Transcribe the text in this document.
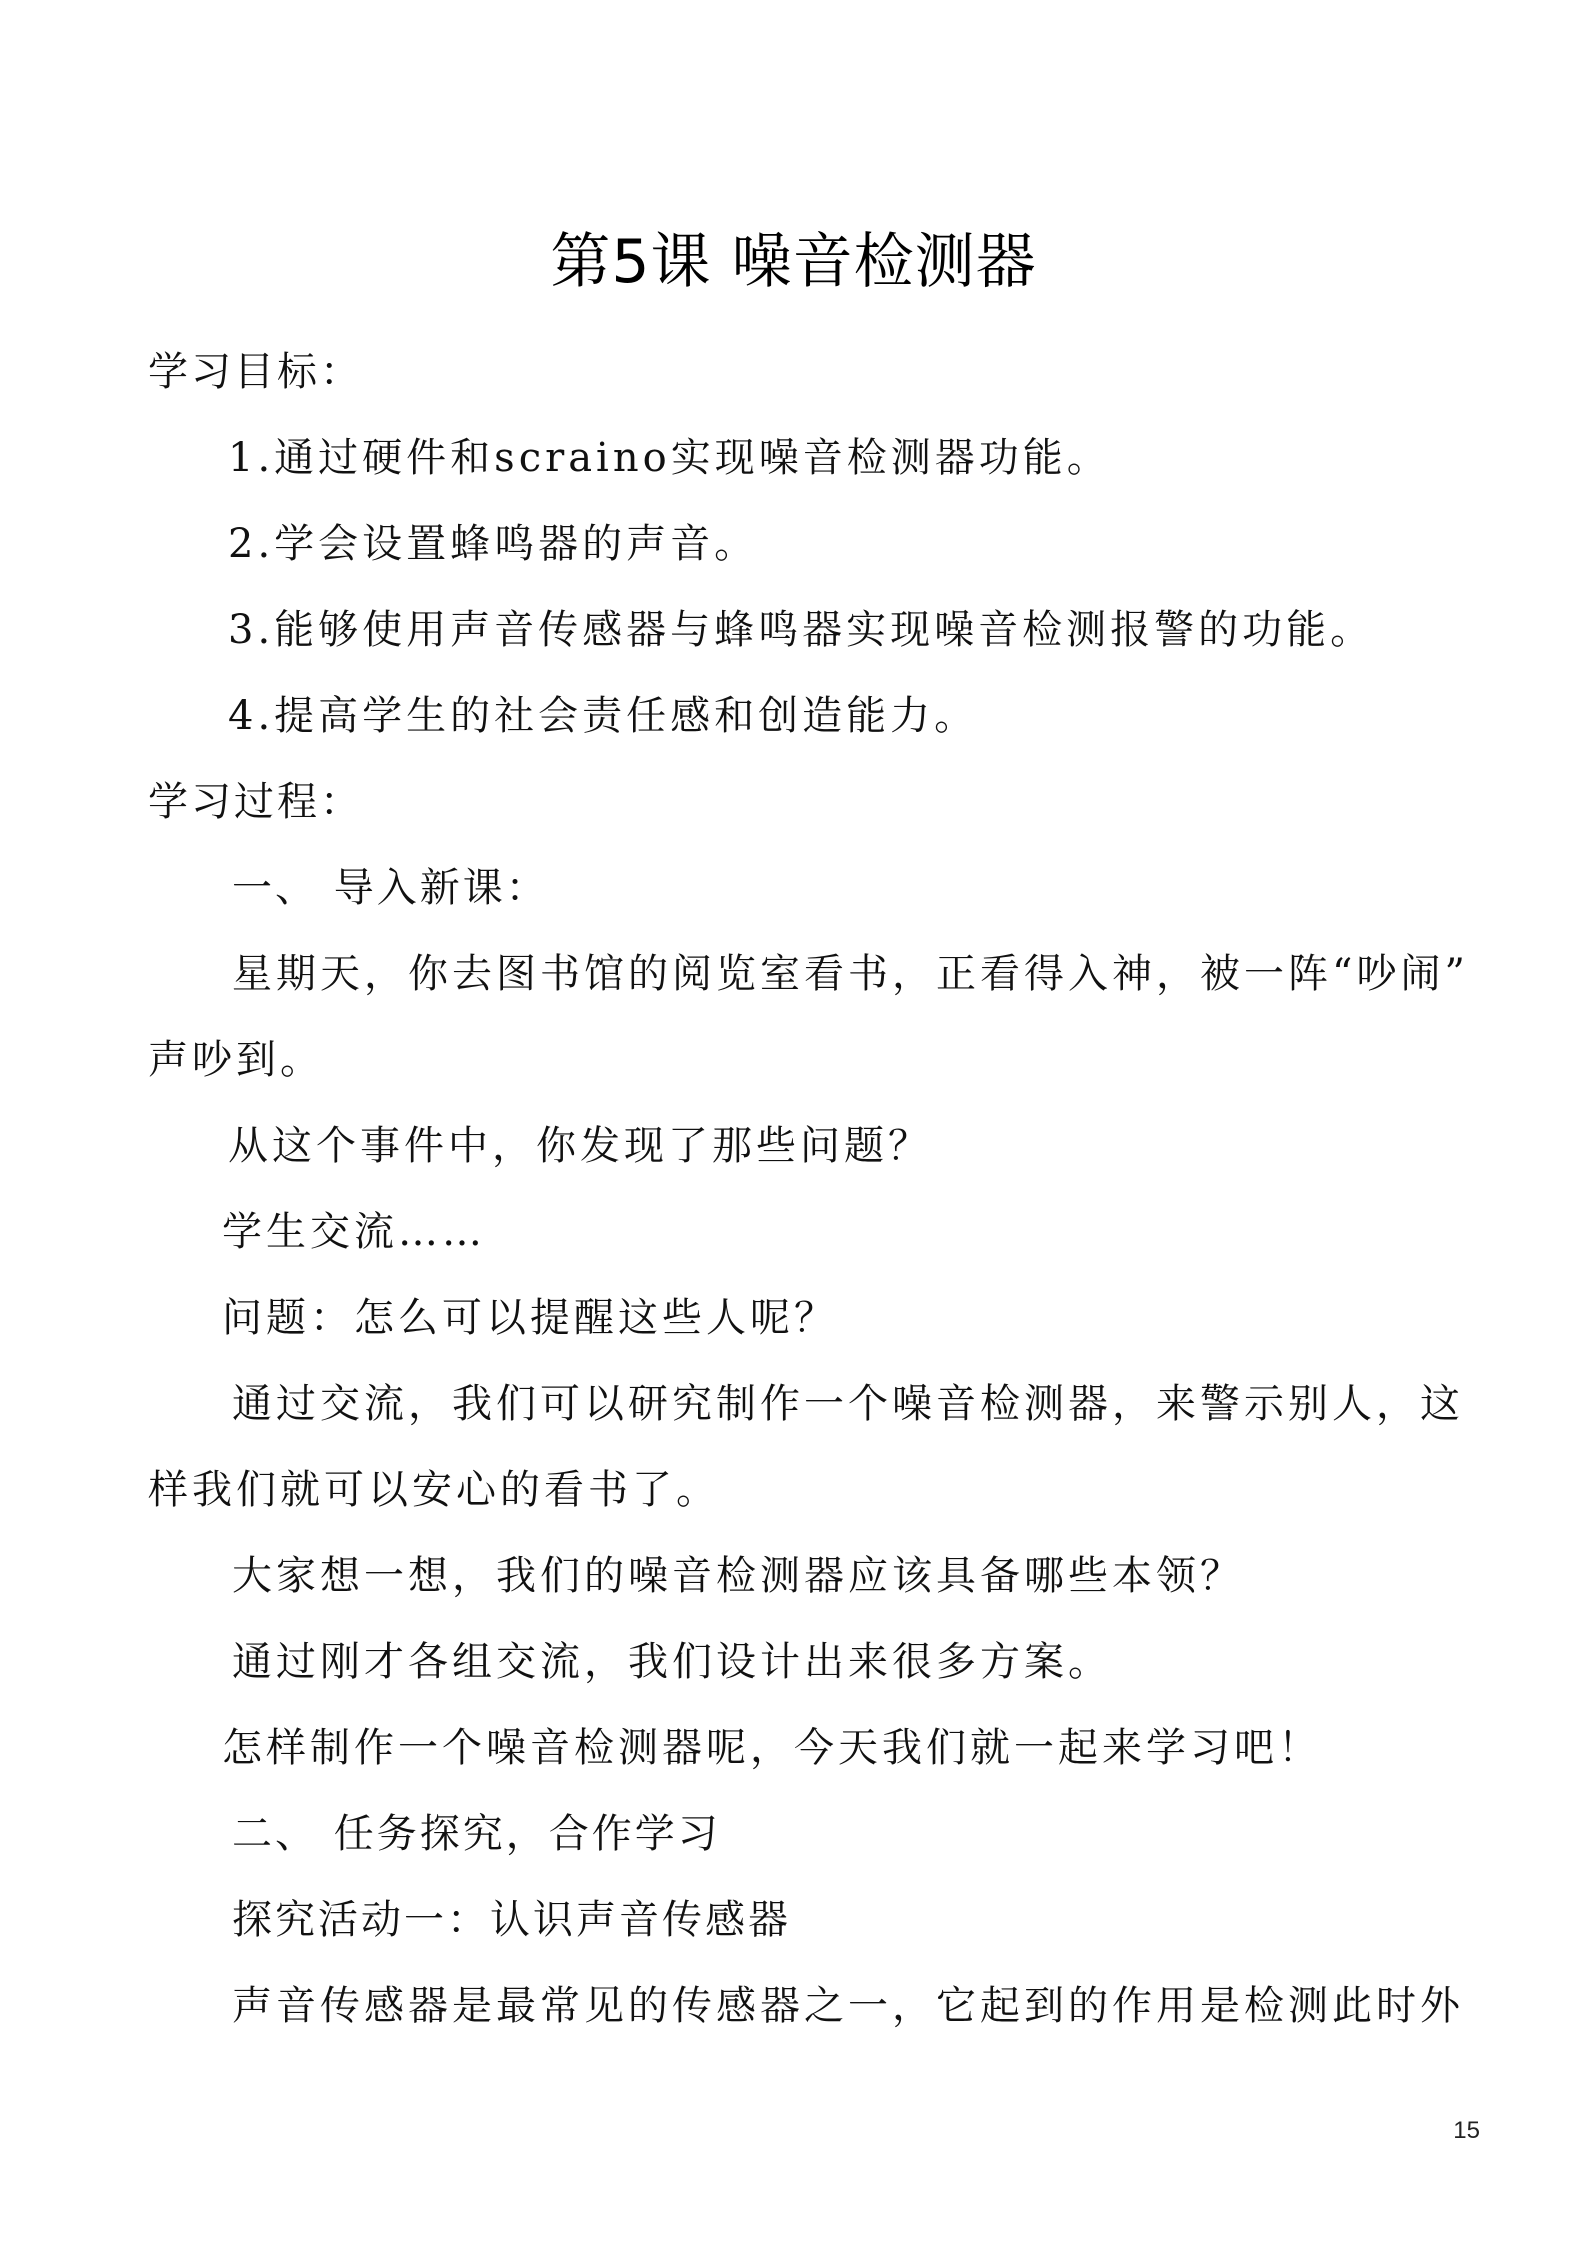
第5课 噪音检测器
学习目标：
1.通过硬件和scraino实现噪音检测器功能。
2.学会设置蜂鸣器的声音。
3.能够使用声音传感器与蜂鸣器实现噪音检测报警的功能。
4.提高学生的社会责任感和创造能力。
学习过程：
一、 导入新课：
星期天，你去图书馆的阅览室看书，正看得入神，被一阵“吵闹”
声吵到。
从这个事件中，你发现了那些问题？
学生交流……
问题：怎么可以提醒这些人呢？
通过交流，我们可以研究制作一个噪音检测器，来警示别人，这
样我们就可以安心的看书了。
大家想一想，我们的噪音检测器应该具备哪些本领？
通过刚才各组交流，我们设计出来很多方案。
怎样制作一个噪音检测器呢，今天我们就一起来学习吧！
二、 任务探究，合作学习
探究活动一：认识声音传感器
声音传感器是最常见的传感器之一，它起到的作用是检测此时外
15
